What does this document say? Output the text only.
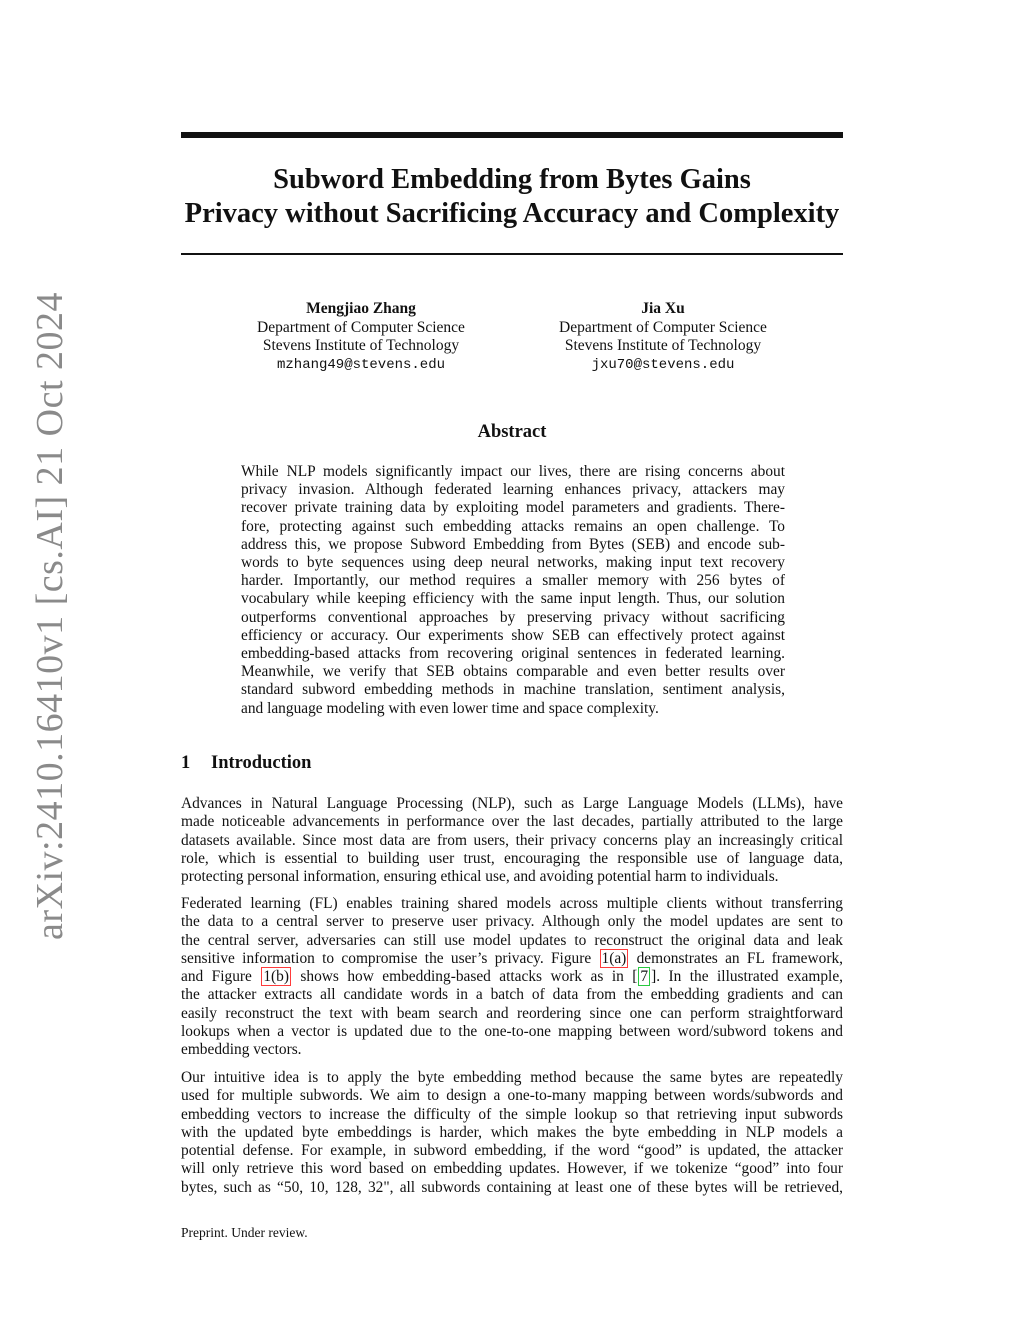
arXiv:2410.16410v1 [cs.AI] 21 Oct 2024
Subword Embedding from Bytes Gains
Privacy without Sacrificing Accuracy and Complexity
Mengjiao Zhang
Department of Computer Science
Stevens Institute of Technology
mzhang49@stevens.edu
Jia Xu
Department of Computer Science
Stevens Institute of Technology
jxu70@stevens.edu
Abstract
While NLP models significantly impact our lives, there are rising concerns about
privacy invasion. Although federated learning enhances privacy, attackers may
recover private training data by exploiting model parameters and gradients. There-
fore, protecting against such embedding attacks remains an open challenge. To
address this, we propose Subword Embedding from Bytes (SEB) and encode sub-
words to byte sequences using deep neural networks, making input text recovery
harder. Importantly, our method requires a smaller memory with 256 bytes of
vocabulary while keeping efficiency with the same input length. Thus, our solution
outperforms conventional approaches by preserving privacy without sacrificing
efficiency or accuracy. Our experiments show SEB can effectively protect against
embedding-based attacks from recovering original sentences in federated learning.
Meanwhile, we verify that SEB obtains comparable and even better results over
standard subword embedding methods in machine translation, sentiment analysis,
and language modeling with even lower time and space complexity.
1 Introduction
Advances in Natural Language Processing (NLP), such as Large Language Models (LLMs), have
made noticeable advancements in performance over the last decades, partially attributed to the large
datasets available. Since most data are from users, their privacy concerns play an increasingly critical
role, which is essential to building user trust, encouraging the responsible use of language data,
protecting personal information, ensuring ethical use, and avoiding potential harm to individuals.
Federated learning (FL) enables training shared models across multiple clients without transferring
the data to a central server to preserve user privacy. Although only the model updates are sent to
the central server, adversaries can still use model updates to reconstruct the original data and leak
sensitive information to compromise the user’s privacy. Figure 1(a) demonstrates an FL framework,
and Figure 1(b) shows how embedding-based attacks work as in [ 7 ]. In the illustrated example,
the attacker extracts all candidate words in a batch of data from the embedding gradients and can
easily reconstruct the text with beam search and reordering since one can perform straightforward
lookups when a vector is updated due to the one-to-one mapping between word/subword tokens and
embedding vectors.
Our intuitive idea is to apply the byte embedding method because the same bytes are repeatedly
used for multiple subwords. We aim to design a one-to-many mapping between words/subwords and
embedding vectors to increase the difficulty of the simple lookup so that retrieving input subwords
with the updated byte embeddings is harder, which makes the byte embedding in NLP models a
potential defense. For example, in subword embedding, if the word “good” is updated, the attacker
will only retrieve this word based on embedding updates. However, if we tokenize “good” into four
bytes, such as “50, 10, 128, 32", all subwords containing at least one of these bytes will be retrieved,
Preprint. Under review.
